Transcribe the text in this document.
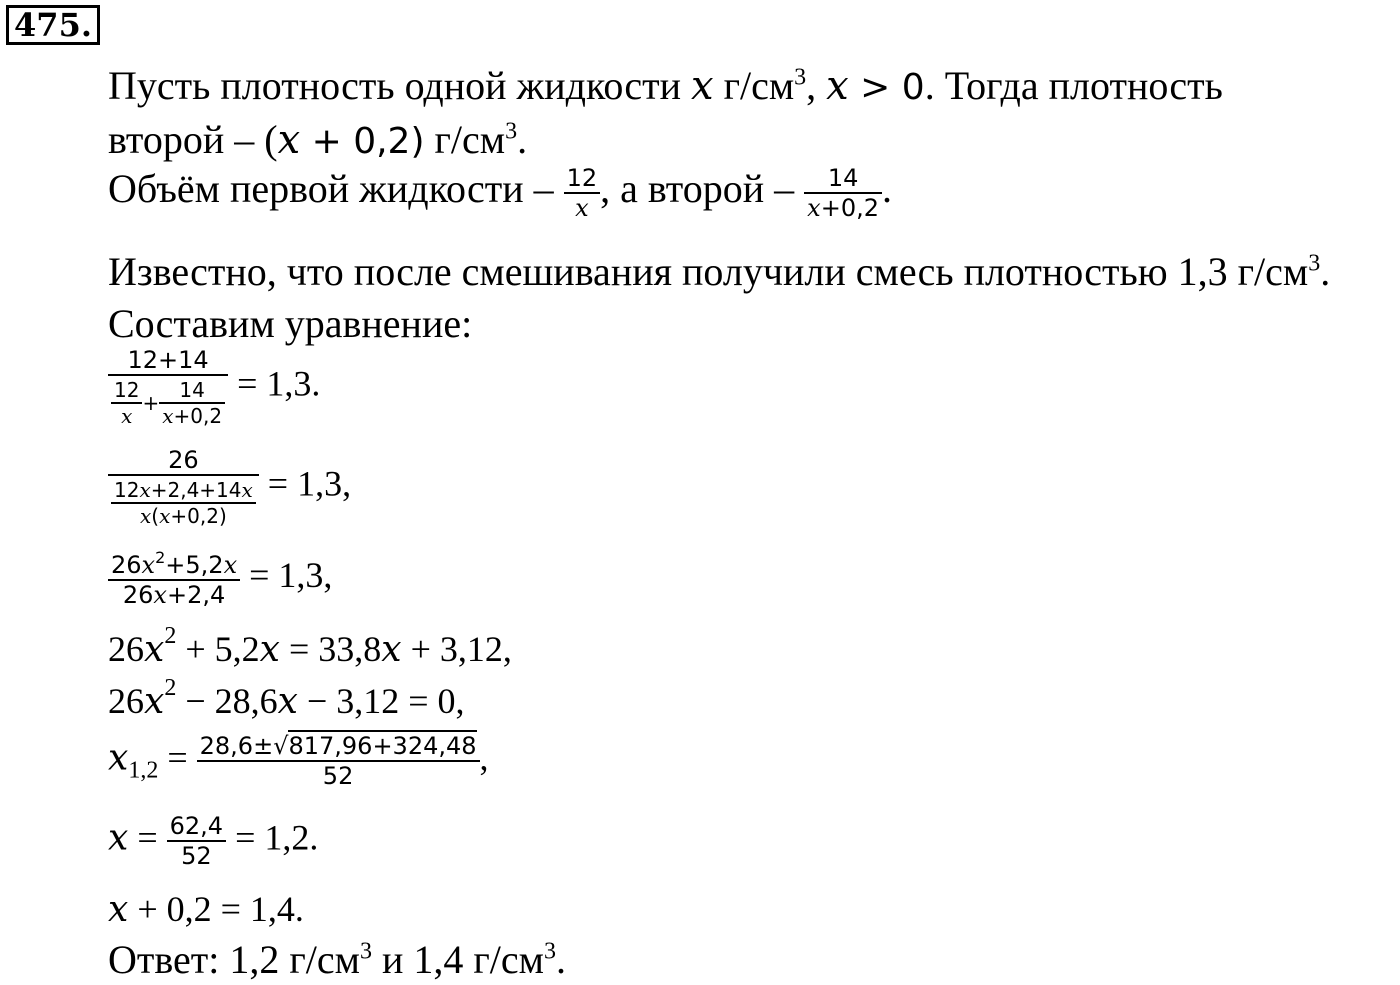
475.
Пусть плотность одной жидкости x $г/см^3$, x > 0. Тогда плотность
второй – (x + 0,2) $г/см^3$.
Объём первой жидкости – $\frac{12}{x}$ , а второй – $\frac{14}{x+0,2}$ .
Известно, что после смешивания получили смесь плотностью 1,3 $г/см^3$.
Составим уравнение:
$\frac{12+14}{\frac{12}{x} + \frac{14}{x+0,2}} = 1,3$.
$\frac{26}{\frac{12x+2,4+14x}{x(x+0,2)}} = 1,3$,
$\frac{26x^2+5,2x}{26x+2,4} = 1,3$,
$26x^2 + 5,2x = 33,8x + 3,12$,
$26x^2 - 28,6x - 3,12 = 0$,
$x_{1,2} = \frac{28,6\pm√817,96+324,48}{52}$ ,
$x = \frac{62,4}{52} = 1,2$.
x + 0,2 = 1,4.
Ответ: 1,2 $г/см^3$ и 1,4 $г/см^3$.
